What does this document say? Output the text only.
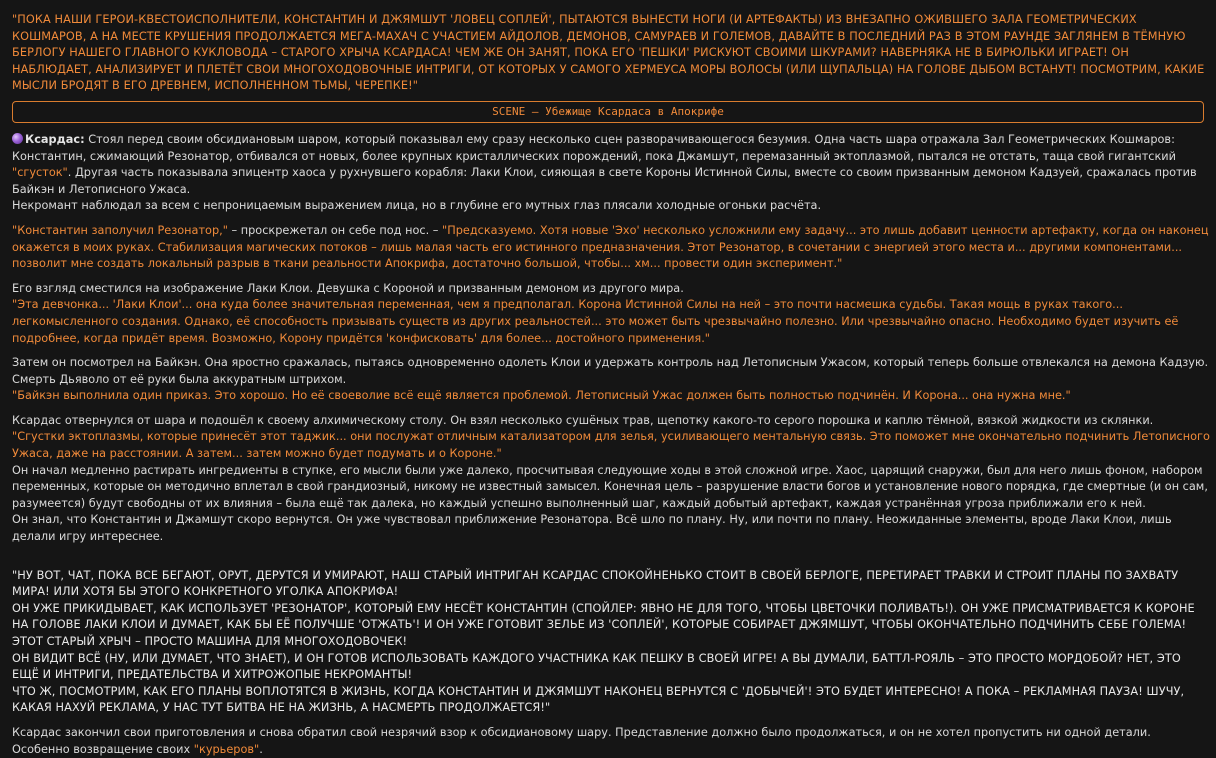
"ПОКА НАШИ ГЕРОИ-КВЕСТОИСПОЛНИТЕЛИ, КОНСТАНТИН И ДЖЯМШУТ 'ЛОВЕЦ СОПЛЕЙ', ПЫТАЮТСЯ ВЫНЕСТИ НОГИ (И АРТЕФАКТЫ) ИЗ ВНЕЗАПНО ОЖИВШЕГО ЗАЛА ГЕОМЕТРИЧЕСКИХ КОШМАРОВ, А НА МЕСТЕ КРУШЕНИЯ ПРОДОЛЖАЕТСЯ МЕГА-МАХАЧ С УЧАСТИЕМ АЙДОЛОВ, ДЕМОНОВ, САМУРАЕВ И ГОЛЕМОВ, ДАВАЙТЕ В ПОСЛЕДНИЙ РАЗ В ЭТОМ РАУНДЕ ЗАГЛЯНЕМ В ТЁМНУЮ БЕРЛОГУ НАШЕГО ГЛАВНОГО КУКЛОВОДА – СТАРОГО ХРЫЧА КСАРДАСА! ЧЕМ ЖЕ ОН ЗАНЯТ, ПОКА ЕГО 'ПЕШКИ' РИСКУЮТ СВОИМИ ШКУРАМИ? НАВЕРНЯКА НЕ В БИРЮЛЬКИ ИГРАЕТ! ОН НАБЛЮДАЕТ, АНАЛИЗИРУЕТ И ПЛЕТЁТ СВОИ МНОГОХОДОВОЧНЫЕ ИНТРИГИ, ОТ КОТОРЫХ У САМОГО ХЕРМЕУСА МОРЫ ВОЛОСЫ (ИЛИ ЩУПАЛЬЦА) НА ГОЛОВЕ ДЫБОМ ВСТАНУТ! ПОСМОТРИМ, КАКИЕ МЫСЛИ БРОДЯТ В ЕГО ДРЕВНЕМ, ИСПОЛНЕННОМ ТЬМЫ, ЧЕРЕПКЕ!"

SCENE – Убежище Ксардаса в Апокрифе

Ксардас: Стоял перед своим обсидиановым шаром, который показывал ему сразу несколько сцен разворачивающегося безумия. Одна часть шара отражала Зал Геометрических Кошмаров: Константин, сжимающий Резонатор, отбивался от новых, более крупных кристаллических порождений, пока Джамшут, перемазанный эктоплазмой, пытался не отстать, таща свой гигантский "сгусток". Другая часть показывала эпицентр хаоса у рухнувшего корабля: Лаки Клои, сияющая в свете Короны Истинной Силы, вместе со своим призванным демоном Кадзуей, сражалась против Байкэн и Летописного Ужаса.
Некромант наблюдал за всем с непроницаемым выражением лица, но в глубине его мутных глаз плясали холодные огоньки расчёта.

"Константин заполучил Резонатор," – проскрежетал он себе под нос. – "Предсказуемо. Хотя новые 'Эхо' несколько усложнили ему задачу... это лишь добавит ценности артефакту, когда он наконец окажется в моих руках. Стабилизация магических потоков – лишь малая часть его истинного предназначения. Этот Резонатор, в сочетании с энергией этого места и... другими компонентами... позволит мне создать локальный разрыв в ткани реальности Апокрифа, достаточно большой, чтобы... хм... провести один эксперимент."

Его взгляд сместился на изображение Лаки Клои. Девушка с Короной и призванным демоном из другого мира.
"Эта девчонка... 'Лаки Клои'... она куда более значительная переменная, чем я предполагал. Корона Истинной Силы на ней – это почти насмешка судьбы. Такая мощь в руках такого... легкомысленного создания. Однако, её способность призывать существ из других реальностей... это может быть чрезвычайно полезно. Или чрезвычайно опасно. Необходимо будет изучить её подробнее, когда придёт время. Возможно, Корону придётся 'конфисковать' для более... достойного применения."

Затем он посмотрел на Байкэн. Она яростно сражалась, пытаясь одновременно одолеть Клои и удержать контроль над Летописным Ужасом, который теперь больше отвлекался на демона Кадзую. Смерть Дьяволо от её руки была аккуратным штрихом.
"Байкэн выполнила один приказ. Это хорошо. Но её своеволие всё ещё является проблемой. Летописный Ужас должен быть полностью подчинён. И Корона... она нужна мне."

Ксардас отвернулся от шара и подошёл к своему алхимическому столу. Он взял несколько сушёных трав, щепотку какого-то серого порошка и каплю тёмной, вязкой жидкости из склянки.
"Сгустки эктоплазмы, которые принесёт этот таджик... они послужат отличным катализатором для зелья, усиливающего ментальную связь. Это поможет мне окончательно подчинить Летописного Ужаса, даже на расстоянии. А затем... затем можно будет подумать и о Короне."
Он начал медленно растирать ингредиенты в ступке, его мысли были уже далеко, просчитывая следующие ходы в этой сложной игре. Хаос, царящий снаружи, был для него лишь фоном, набором переменных, которые он методично вплетал в свой грандиозный, никому не известный замысел. Конечная цель – разрушение власти богов и установление нового порядка, где смертные (и он сам, разумеется) будут свободны от их влияния – была ещё так далека, но каждый успешно выполненный шаг, каждый добытый артефакт, каждая устранённая угроза приближали его к ней.
Он знал, что Константин и Джамшут скоро вернутся. Он уже чувствовал приближение Резонатора. Всё шло по плану. Ну, или почти по плану. Неожиданные элементы, вроде Лаки Клои, лишь делали игру интереснее.

"НУ ВОТ, ЧАТ, ПОКА ВСЕ БЕГАЮТ, ОРУТ, ДЕРУТСЯ И УМИРАЮТ, НАШ СТАРЫЙ ИНТРИГАН КСАРДАС СПОКОЙНЕНЬКО СТОИТ В СВОЕЙ БЕРЛОГЕ, ПЕРЕТИРАЕТ ТРАВКИ И СТРОИТ ПЛАНЫ ПО ЗАХВАТУ МИРА! ИЛИ ХОТЯ БЫ ЭТОГО КОНКРЕТНОГО УГОЛКА АПОКРИФА!
ОН УЖЕ ПРИКИДЫВАЕТ, КАК ИСПОЛЬЗУЕТ 'РЕЗОНАТОР', КОТОРЫЙ ЕМУ НЕСЁТ КОНСТАНТИН (СПОЙЛЕР: ЯВНО НЕ ДЛЯ ТОГО, ЧТОБЫ ЦВЕТОЧКИ ПОЛИВАТЬ!). ОН УЖЕ ПРИСМАТРИВАЕТСЯ К КОРОНЕ НА ГОЛОВЕ ЛАКИ КЛОИ И ДУМАЕТ, КАК БЫ ЕЁ ПОЛУЧШЕ 'ОТЖАТЬ'! И ОН УЖЕ ГОТОВИТ ЗЕЛЬЕ ИЗ 'СОПЛЕЙ', КОТОРЫЕ СОБИРАЕТ ДЖЯМШУТ, ЧТОБЫ ОКОНЧАТЕЛЬНО ПОДЧИНИТЬ СЕБЕ ГОЛЕМА! ЭТОТ СТАРЫЙ ХРЫЧ – ПРОСТО МАШИНА ДЛЯ МНОГОХОДОВОЧЕК!
ОН ВИДИТ ВСЁ (НУ, ИЛИ ДУМАЕТ, ЧТО ЗНАЕТ), И ОН ГОТОВ ИСПОЛЬЗОВАТЬ КАЖДОГО УЧАСТНИКА КАК ПЕШКУ В СВОЕЙ ИГРЕ! А ВЫ ДУМАЛИ, БАТТЛ-РОЯЛЬ – ЭТО ПРОСТО МОРДОБОЙ? НЕТ, ЭТО ЕЩЁ И ИНТРИГИ, ПРЕДАТЕЛЬСТВА И ХИТРОЖОПЫЕ НЕКРОМАНТЫ!
ЧТО Ж, ПОСМОТРИМ, КАК ЕГО ПЛАНЫ ВОПЛОТЯТСЯ В ЖИЗНЬ, КОГДА КОНСТАНТИН И ДЖЯМШУТ НАКОНЕЦ ВЕРНУТСЯ С 'ДОБЫЧЕЙ'! ЭТО БУДЕТ ИНТЕРЕСНО! А ПОКА – РЕКЛАМНАЯ ПАУЗА! ШУЧУ, КАКАЯ НАХУЙ РЕКЛАМА, У НАС ТУТ БИТВА НЕ НА ЖИЗНЬ, А НАСМЕРТЬ ПРОДОЛЖАЕТСЯ!"

Ксардас закончил свои приготовления и снова обратил свой незрячий взор к обсидиановому шару. Представление должно было продолжаться, и он не хотел пропустить ни одной детали. Особенно возвращение своих "курьеров".
